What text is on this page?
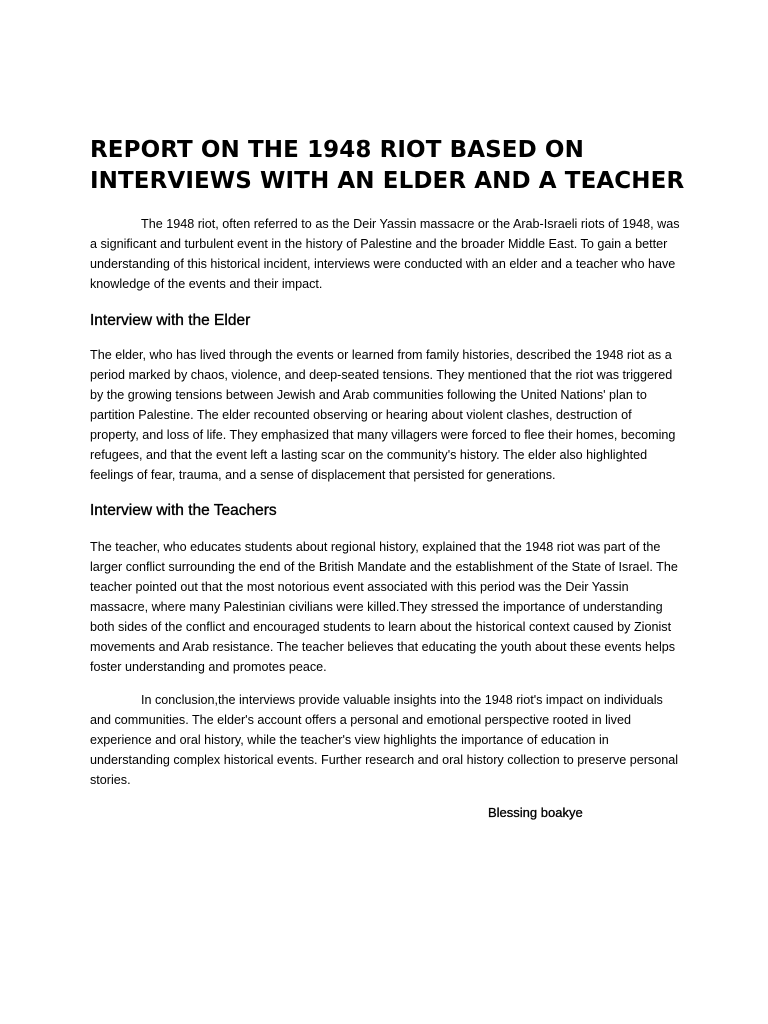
REPORT ON THE 1948 RIOT BASED ON INTERVIEWS WITH AN ELDER AND A TEACHER

The 1948 riot, often referred to as the Deir Yassin massacre or the Arab-Israeli riots of 1948, was a significant and turbulent event in the history of Palestine and the broader Middle East. To gain a better understanding of this historical incident, interviews were conducted with an elder and a teacher who have knowledge of the events and their impact.

Interview with the Elder

The elder, who has lived through the events or learned from family histories, described the 1948 riot as a period marked by chaos, violence, and deep-seated tensions. They mentioned that the riot was triggered by the growing tensions between Jewish and Arab communities following the United Nations' plan to partition Palestine. The elder recounted observing or hearing about violent clashes, destruction of property, and loss of life. They emphasized that many villagers were forced to flee their homes, becoming refugees, and that the event left a lasting scar on the community's history. The elder also highlighted feelings of fear, trauma, and a sense of displacement that persisted for generations.

Interview with the Teachers

The teacher, who educates students about regional history, explained that the 1948 riot was part of the larger conflict surrounding the end of the British Mandate and the establishment of the State of Israel. The teacher pointed out that the most notorious event associated with this period was the Deir Yassin massacre, where many Palestinian civilians were killed.They stressed the importance of understanding both sides of the conflict and encouraged students to learn about the historical context caused by Zionist movements and Arab resistance. The teacher believes that educating the youth about these events helps foster understanding and promotes peace.

In conclusion,the interviews provide valuable insights into the 1948 riot's impact on individuals and communities. The elder's account offers a personal and emotional perspective rooted in lived experience and oral history, while the teacher's view highlights the importance of education in understanding complex historical events. Further research and oral history collection to preserve personal stories.

Blessing boakye
